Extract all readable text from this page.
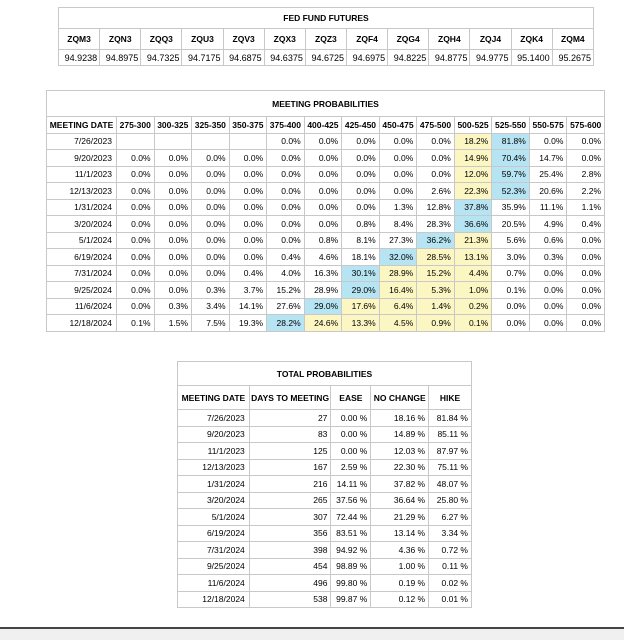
FED FUND FUTURES												
ZQM3	ZQN3	ZQQ3	ZQU3	ZQV3	ZQX3	ZQZ3	ZQF4	ZQG4	ZQH4	ZQJ4	ZQK4	ZQM4
94.9238	94.8975	94.7325	94.7175	94.6875	94.6375	94.6725	94.6975	94.8225	94.8775	94.9775	95.1400	95.2675
MEETING PROBABILITIES													
MEETING DATE	275-300	300-325	325-350	350-375	375-400	400-425	425-450	450-475	475-500	500-525	525-550	550-575	575-600
7/26/2023					0.0%	0.0%	0.0%	0.0%	0.0%	18.2%	81.8%	0.0%	0.0%
9/20/2023	0.0%	0.0%	0.0%	0.0%	0.0%	0.0%	0.0%	0.0%	0.0%	14.9%	70.4%	14.7%	0.0%
11/1/2023	0.0%	0.0%	0.0%	0.0%	0.0%	0.0%	0.0%	0.0%	0.0%	12.0%	59.7%	25.4%	2.8%
12/13/2023	0.0%	0.0%	0.0%	0.0%	0.0%	0.0%	0.0%	0.0%	2.6%	22.3%	52.3%	20.6%	2.2%
1/31/2024	0.0%	0.0%	0.0%	0.0%	0.0%	0.0%	0.0%	1.3%	12.8%	37.8%	35.9%	11.1%	1.1%
3/20/2024	0.0%	0.0%	0.0%	0.0%	0.0%	0.0%	0.8%	8.4%	28.3%	36.6%	20.5%	4.9%	0.4%
5/1/2024	0.0%	0.0%	0.0%	0.0%	0.0%	0.8%	8.1%	27.3%	36.2%	21.3%	5.6%	0.6%	0.0%
6/19/2024	0.0%	0.0%	0.0%	0.0%	0.4%	4.6%	18.1%	32.0%	28.5%	13.1%	3.0%	0.3%	0.0%
7/31/2024	0.0%	0.0%	0.0%	0.4%	4.0%	16.3%	30.1%	28.9%	15.2%	4.4%	0.7%	0.0%	0.0%
9/25/2024	0.0%	0.0%	0.3%	3.7%	15.2%	28.9%	29.0%	16.4%	5.3%	1.0%	0.1%	0.0%	0.0%
11/6/2024	0.0%	0.3%	3.4%	14.1%	27.6%	29.0%	17.6%	6.4%	1.4%	0.2%	0.0%	0.0%	0.0%
12/18/2024	0.1%	1.5%	7.5%	19.3%	28.2%	24.6%	13.3%	4.5%	0.9%	0.1%	0.0%	0.0%	0.0%
TOTAL PROBABILITIES				
MEETING DATE	DAYS TO MEETING	EASE	NO CHANGE	HIKE
7/26/2023	27	0.00 %	18.16 %	81.84 %
9/20/2023	83	0.00 %	14.89 %	85.11 %
11/1/2023	125	0.00 %	12.03 %	87.97 %
12/13/2023	167	2.59 %	22.30 %	75.11 %
1/31/2024	216	14.11 %	37.82 %	48.07 %
3/20/2024	265	37.56 %	36.64 %	25.80 %
5/1/2024	307	72.44 %	21.29 %	6.27 %
6/19/2024	356	83.51 %	13.14 %	3.34 %
7/31/2024	398	94.92 %	4.36 %	0.72 %
9/25/2024	454	98.89 %	1.00 %	0.11 %
11/6/2024	496	99.80 %	0.19 %	0.02 %
12/18/2024	538	99.87 %	0.12 %	0.01 %
